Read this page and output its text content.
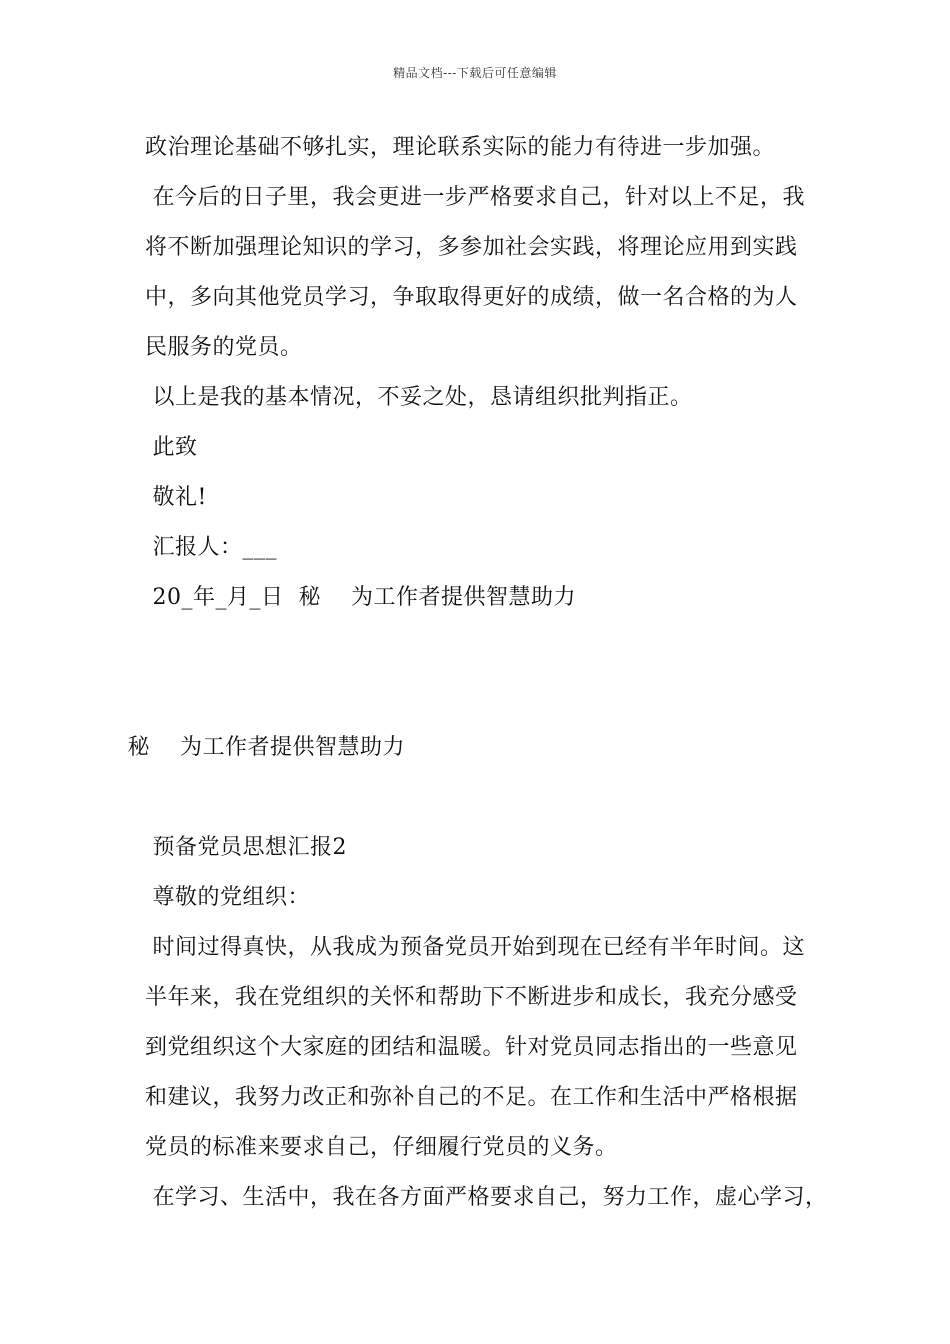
精品文档---下载后可任意编辑
政治理论基础不够扎实，理论联系实际的能力有待进一步加强。
在今后的日子里，我会更进一步严格要求自己，针对以上不足，我
将不断加强理论知识的学习，多参加社会实践，将理论应用到实践
中，多向其他党员学习，争取取得更好的成绩，做一名合格的为人
民服务的党员。
以上是我的基本情况，不妥之处，恳请组织批判指正。
此致
敬礼!
汇报人：___
20_年_月_日  秘    为工作者提供智慧助力
秘    为工作者提供智慧助力
预备党员思想汇报2
尊敬的党组织：
时间过得真快，从我成为预备党员开始到现在已经有半年时间。这
半年来，我在党组织的关怀和帮助下不断进步和成长，我充分感受
到党组织这个大家庭的团结和温暖。针对党员同志指出的一些意见
和建议，我努力改正和弥补自己的不足。在工作和生活中严格根据
党员的标准来要求自己，仔细履行党员的义务。
在学习、生活中，我在各方面严格要求自己，努力工作，虚心学习，
